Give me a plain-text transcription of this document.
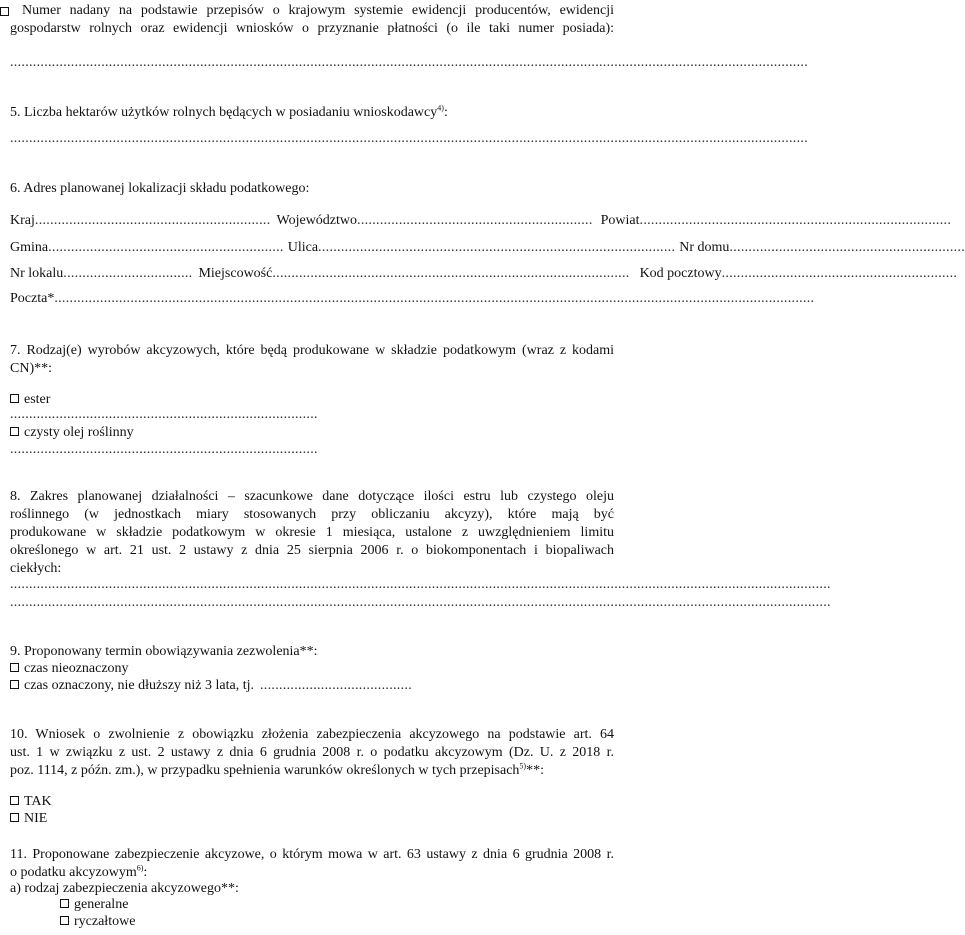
Numer nadany na podstawie przepisów o krajowym systemie ewidencji producentów, ewidencji
gospodarstw rolnych oraz ewidencji wniosków o przyznanie płatności (o ile taki numer posiada):
..................................................................................................................................................................................................................
5. Liczba hektarów użytków rolnych będących w posiadaniu wnioskodawcy$^{4)}$:
..................................................................................................................................................................................................................
6. Adres planowanej lokalizacji składu podatkowego:
Kraj .............................................................. Województwo .............................................................. Powiat ..................................................................................
Gmina .............................................................. Ulica .............................................................................................. Nr domu ..............................................................
Nr lokalu .................................. Miejscowość .............................................................................................. Kod pocztowy ..............................................................
Poczta* ........................................................................................................................................................................................................
7. Rodzaj(e) wyrobów akcyzowych, które będą produkowane w składzie podatkowym (wraz z kodami
CN)**:
ester
.................................................................................
czysty olej roślinny
.................................................................................
8. Zakres planowanej działalności – szacunkowe dane dotyczące ilości estru lub czystego oleju
roślinnego (w jednostkach miary stosowanych przy obliczaniu akcyzy), które mają być
produkowane w składzie podatkowym w okresie 1 miesiąca, ustalone z uwzględnieniem limitu
określonego w art. 21 ust. 2 ustawy z dnia 25 sierpnia 2006 r. o biokomponentach i biopaliwach
ciekłych:
........................................................................................................................................................................................................................
........................................................................................................................................................................................................................
9. Proponowany termin obowiązywania zezwolenia**:
czas nieoznaczony
czas oznaczony, nie dłuższy niż 3 lata, tj. ........................................
10. Wniosek o zwolnienie z obowiązku złożenia zabezpieczenia akcyzowego na podstawie art. 64
ust. 1 w związku z ust. 2 ustawy z dnia 6 grudnia 2008 r. o podatku akcyzowym (Dz. U. z 2018 r.
poz. 1114, z późn. zm.), w przypadku spełnienia warunków określonych w tych przepisach$^{5)}$**:
TAK
NIE
11. Proponowane zabezpieczenie akcyzowe, o którym mowa w art. 63 ustawy z dnia 6 grudnia 2008 r.
o podatku akcyzowym$^{6)}$:
a) rodzaj zabezpieczenia akcyzowego**:
generalne
ryczałtowe
